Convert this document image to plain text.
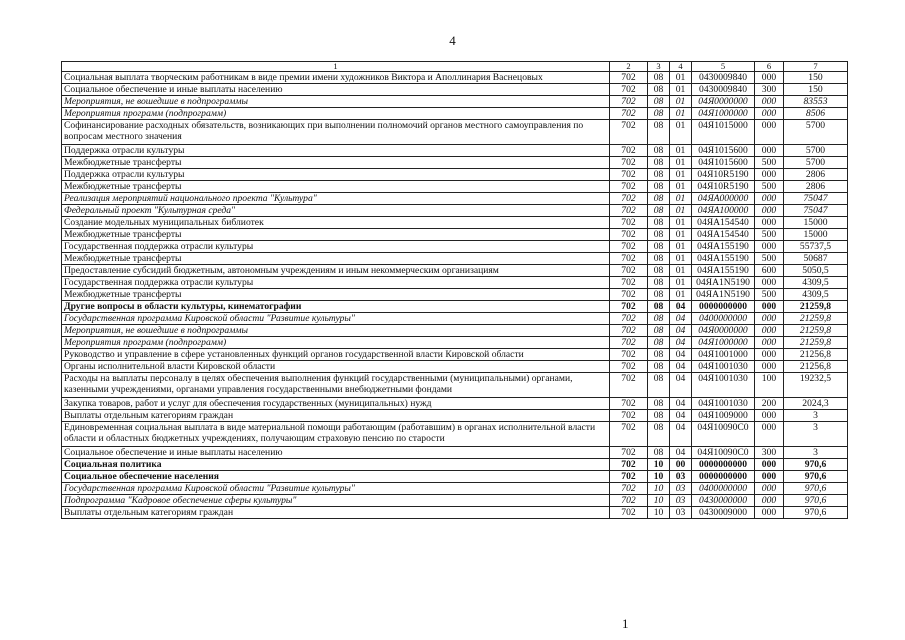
4
1	2	3	4	5	6	7
Социальная выплата творческим работникам в виде премии имени художников Виктора и Аполлинария Васнецовых	702	08	01	0430009840	000	150
Социальное обеспечение и иные выплаты населению	702	08	01	0430009840	300	150
Мероприятия, не вошедшие в подпрограммы	702	08	01	04Я0000000	000	83553
Мероприятия программ (подпрограмм)	702	08	01	04Я1000000	000	8506
Софинансирование расходных обязательств, возникающих при выполнении полномочий органов местного самоуправления по вопросам местного значения	702	08	01	04Я1015000	000	5700
Поддержка отрасли культуры	702	08	01	04Я1015600	000	5700
Межбюджетные трансферты	702	08	01	04Я1015600	500	5700
Поддержка отрасли культуры	702	08	01	04Я10R5190	000	2806
Межбюджетные трансферты	702	08	01	04Я10R5190	500	2806
Реализация мероприятий национального проекта "Культура"	702	08	01	04ЯA000000	000	75047
Федеральный проект "Культурная среда"	702	08	01	04ЯA100000	000	75047
Создание модельных муниципальных библиотек	702	08	01	04ЯA154540	000	15000
Межбюджетные трансферты	702	08	01	04ЯA154540	500	15000
Государственная поддержка отрасли культуры	702	08	01	04ЯA155190	000	55737,5
Межбюджетные трансферты	702	08	01	04ЯA155190	500	50687
Предоставление субсидий бюджетным, автономным учреждениям и иным некоммерческим организациям	702	08	01	04ЯA155190	600	5050,5
Государственная поддержка отрасли культуры	702	08	01	04ЯA1N5190	000	4309,5
Межбюджетные трансферты	702	08	01	04ЯA1N5190	500	4309,5
Другие вопросы в области культуры, кинематографии	702	08	04	0000000000	000	21259,8
Государственная программа Кировской области "Развитие культуры"	702	08	04	0400000000	000	21259,8
Мероприятия, не вошедшие в подпрограммы	702	08	04	04Я0000000	000	21259,8
Мероприятия программ (подпрограмм)	702	08	04	04Я1000000	000	21259,8
Руководство и управление в сфере установленных функций органов государственной власти Кировской области	702	08	04	04Я1001000	000	21256,8
Органы исполнительной власти Кировской области	702	08	04	04Я1001030	000	21256,8
Расходы на выплаты персоналу в целях обеспечения выполнения функций государственными (муниципальными) органами, казенными учреждениями, органами управления государственными внебюджетными фондами	702	08	04	04Я1001030	100	19232,5
Закупка товаров, работ и услуг для обеспечения государственных (муниципальных) нужд	702	08	04	04Я1001030	200	2024,3
Выплаты отдельным категориям граждан	702	08	04	04Я1009000	000	3
Единовременная социальная выплата в виде материальной помощи работающим (работавшим) в органах исполнительной власти области и областных бюджетных учреждениях, получающим страховую пенсию по старости	702	08	04	04Я10090С0	000	3
Социальное обеспечение и иные выплаты населению	702	08	04	04Я10090С0	300	3
Социальная политика	702	10	00	0000000000	000	970,6
Социальное обеспечение населения	702	10	03	0000000000	000	970,6
Государственная программа Кировской области "Развитие культуры"	702	10	03	0400000000	000	970,6
Подпрограмма "Кадровое обеспечение сферы культуры"	702	10	03	0430000000	000	970,6
Выплаты отдельным категориям граждан	702	10	03	0430009000	000	970,6
1
